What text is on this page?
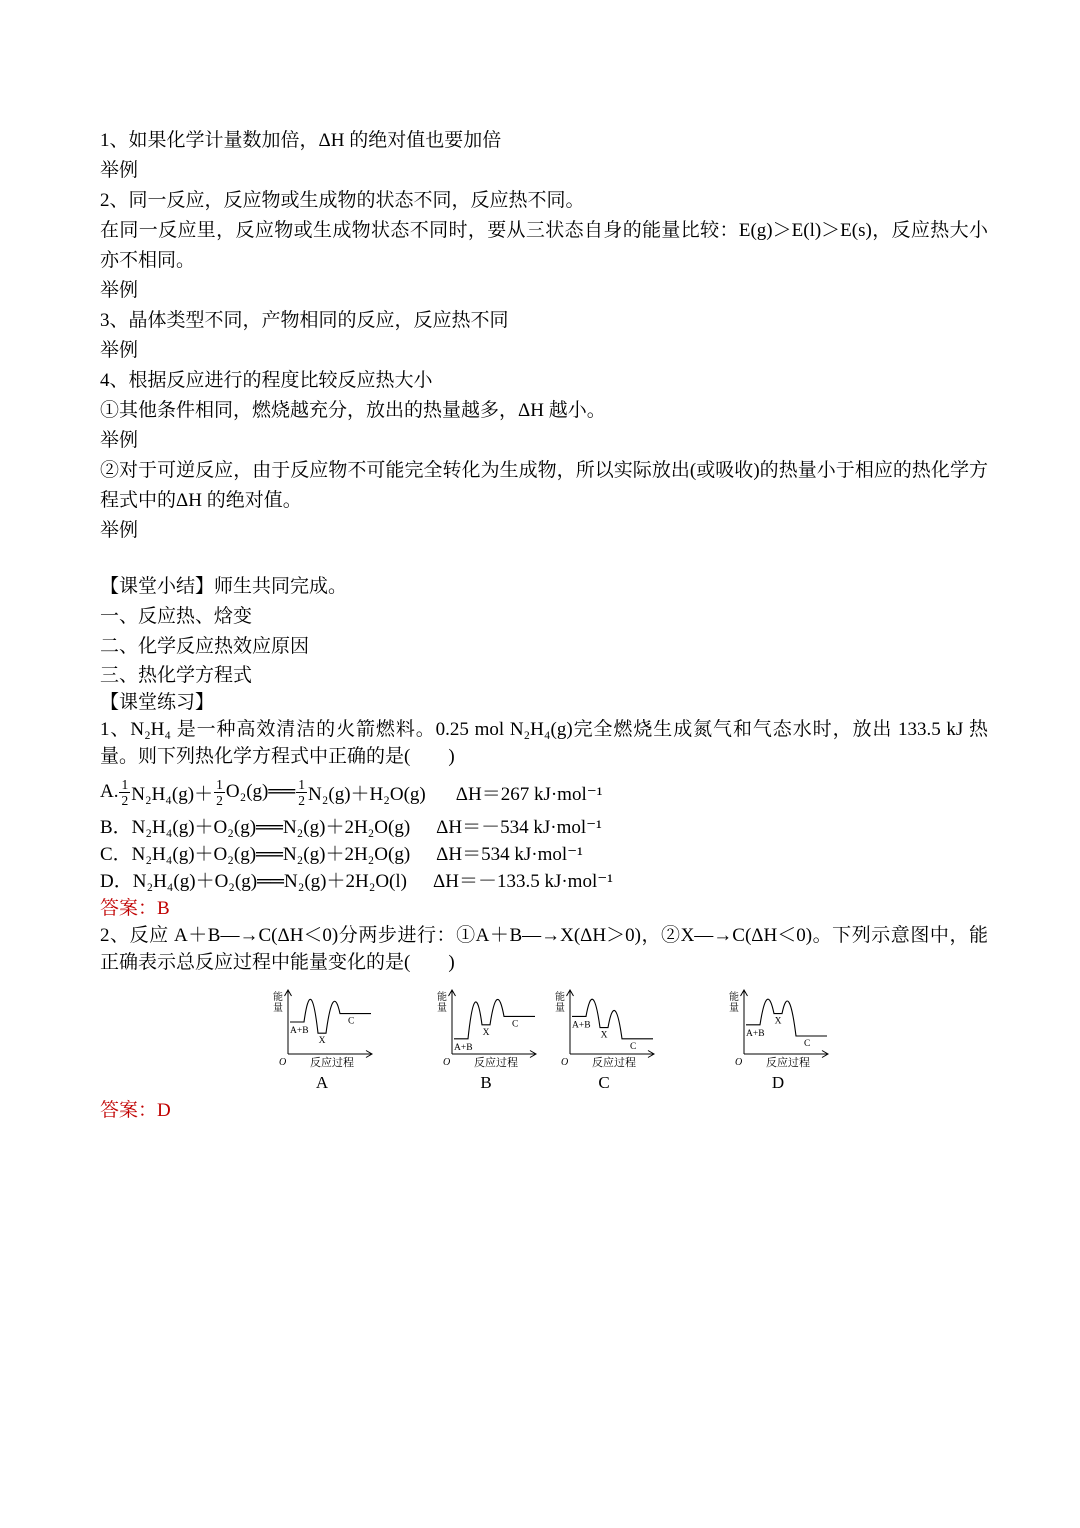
1、如果化学计量数加倍，ΔH 的绝对值也要加倍

举例

2、同一反应，反应物或生成物的状态不同，反应热不同。

在同一反应里，反应物或生成物状态不同时，要从三状态自身的能量比较：E(g)＞E(l)＞E(s)，反应热大小亦不相同。

举例

3、晶体类型不同，产物相同的反应，反应热不同

举例

4、根据反应进行的程度比较反应热大小

①其他条件相同，燃烧越充分，放出的热量越多，ΔH 越小。

举例

②对于可逆反应，由于反应物不可能完全转化为生成物，所以实际放出(或吸收)的热量小于相应的热化学方程式中的ΔH 的绝对值。

举例

【课堂小结】师生共同完成。

一、反应热、焓变

二、化学反应热效应原因

三、热化学方程式

【课堂练习】

1、N₂H₄ 是一种高效清洁的火箭燃料。0.25 mol N₂H₄(g)完全燃烧生成氮气和气态水时，放出 133.5 kJ 热量。则下列热化学方程式中正确的是(　　)

A. $\frac{1}{2} N_2H_4(g)+ \frac{1}{2}$ O₂(g)══ $\frac{1}{2} N_2(g)+H_2O(g)$ ΔH＝267 kJ·mol⁻¹

B．N₂H₄(g)＋O₂(g)══N₂(g)＋2H₂O(g) ΔH＝－534 kJ·mol⁻¹

C．N₂H₄(g)＋O₂(g)══N₂(g)＋2H₂O(g) ΔH＝534 kJ·mol⁻¹

D．N₂H₄(g)＋O₂(g)══N₂(g)＋2H₂O(l) ΔH＝－133.5 kJ·mol⁻¹

答案：B

2、反应 A＋B—→C(ΔH＜0)分两步进行：①A＋B—→X(ΔH＞0)，②X—→C(ΔH＜0)。下列示意图中，能正确表示总反应过程中能量变化的是(　　)

能
量
O 反应过程
A+B
X
C
A
能
量
O 反应过程
A+B
X
C
B
能
量
O 反应过程
A+B
X
C
C
能
量
O 反应过程
A+B
X
C
D

答案：D
